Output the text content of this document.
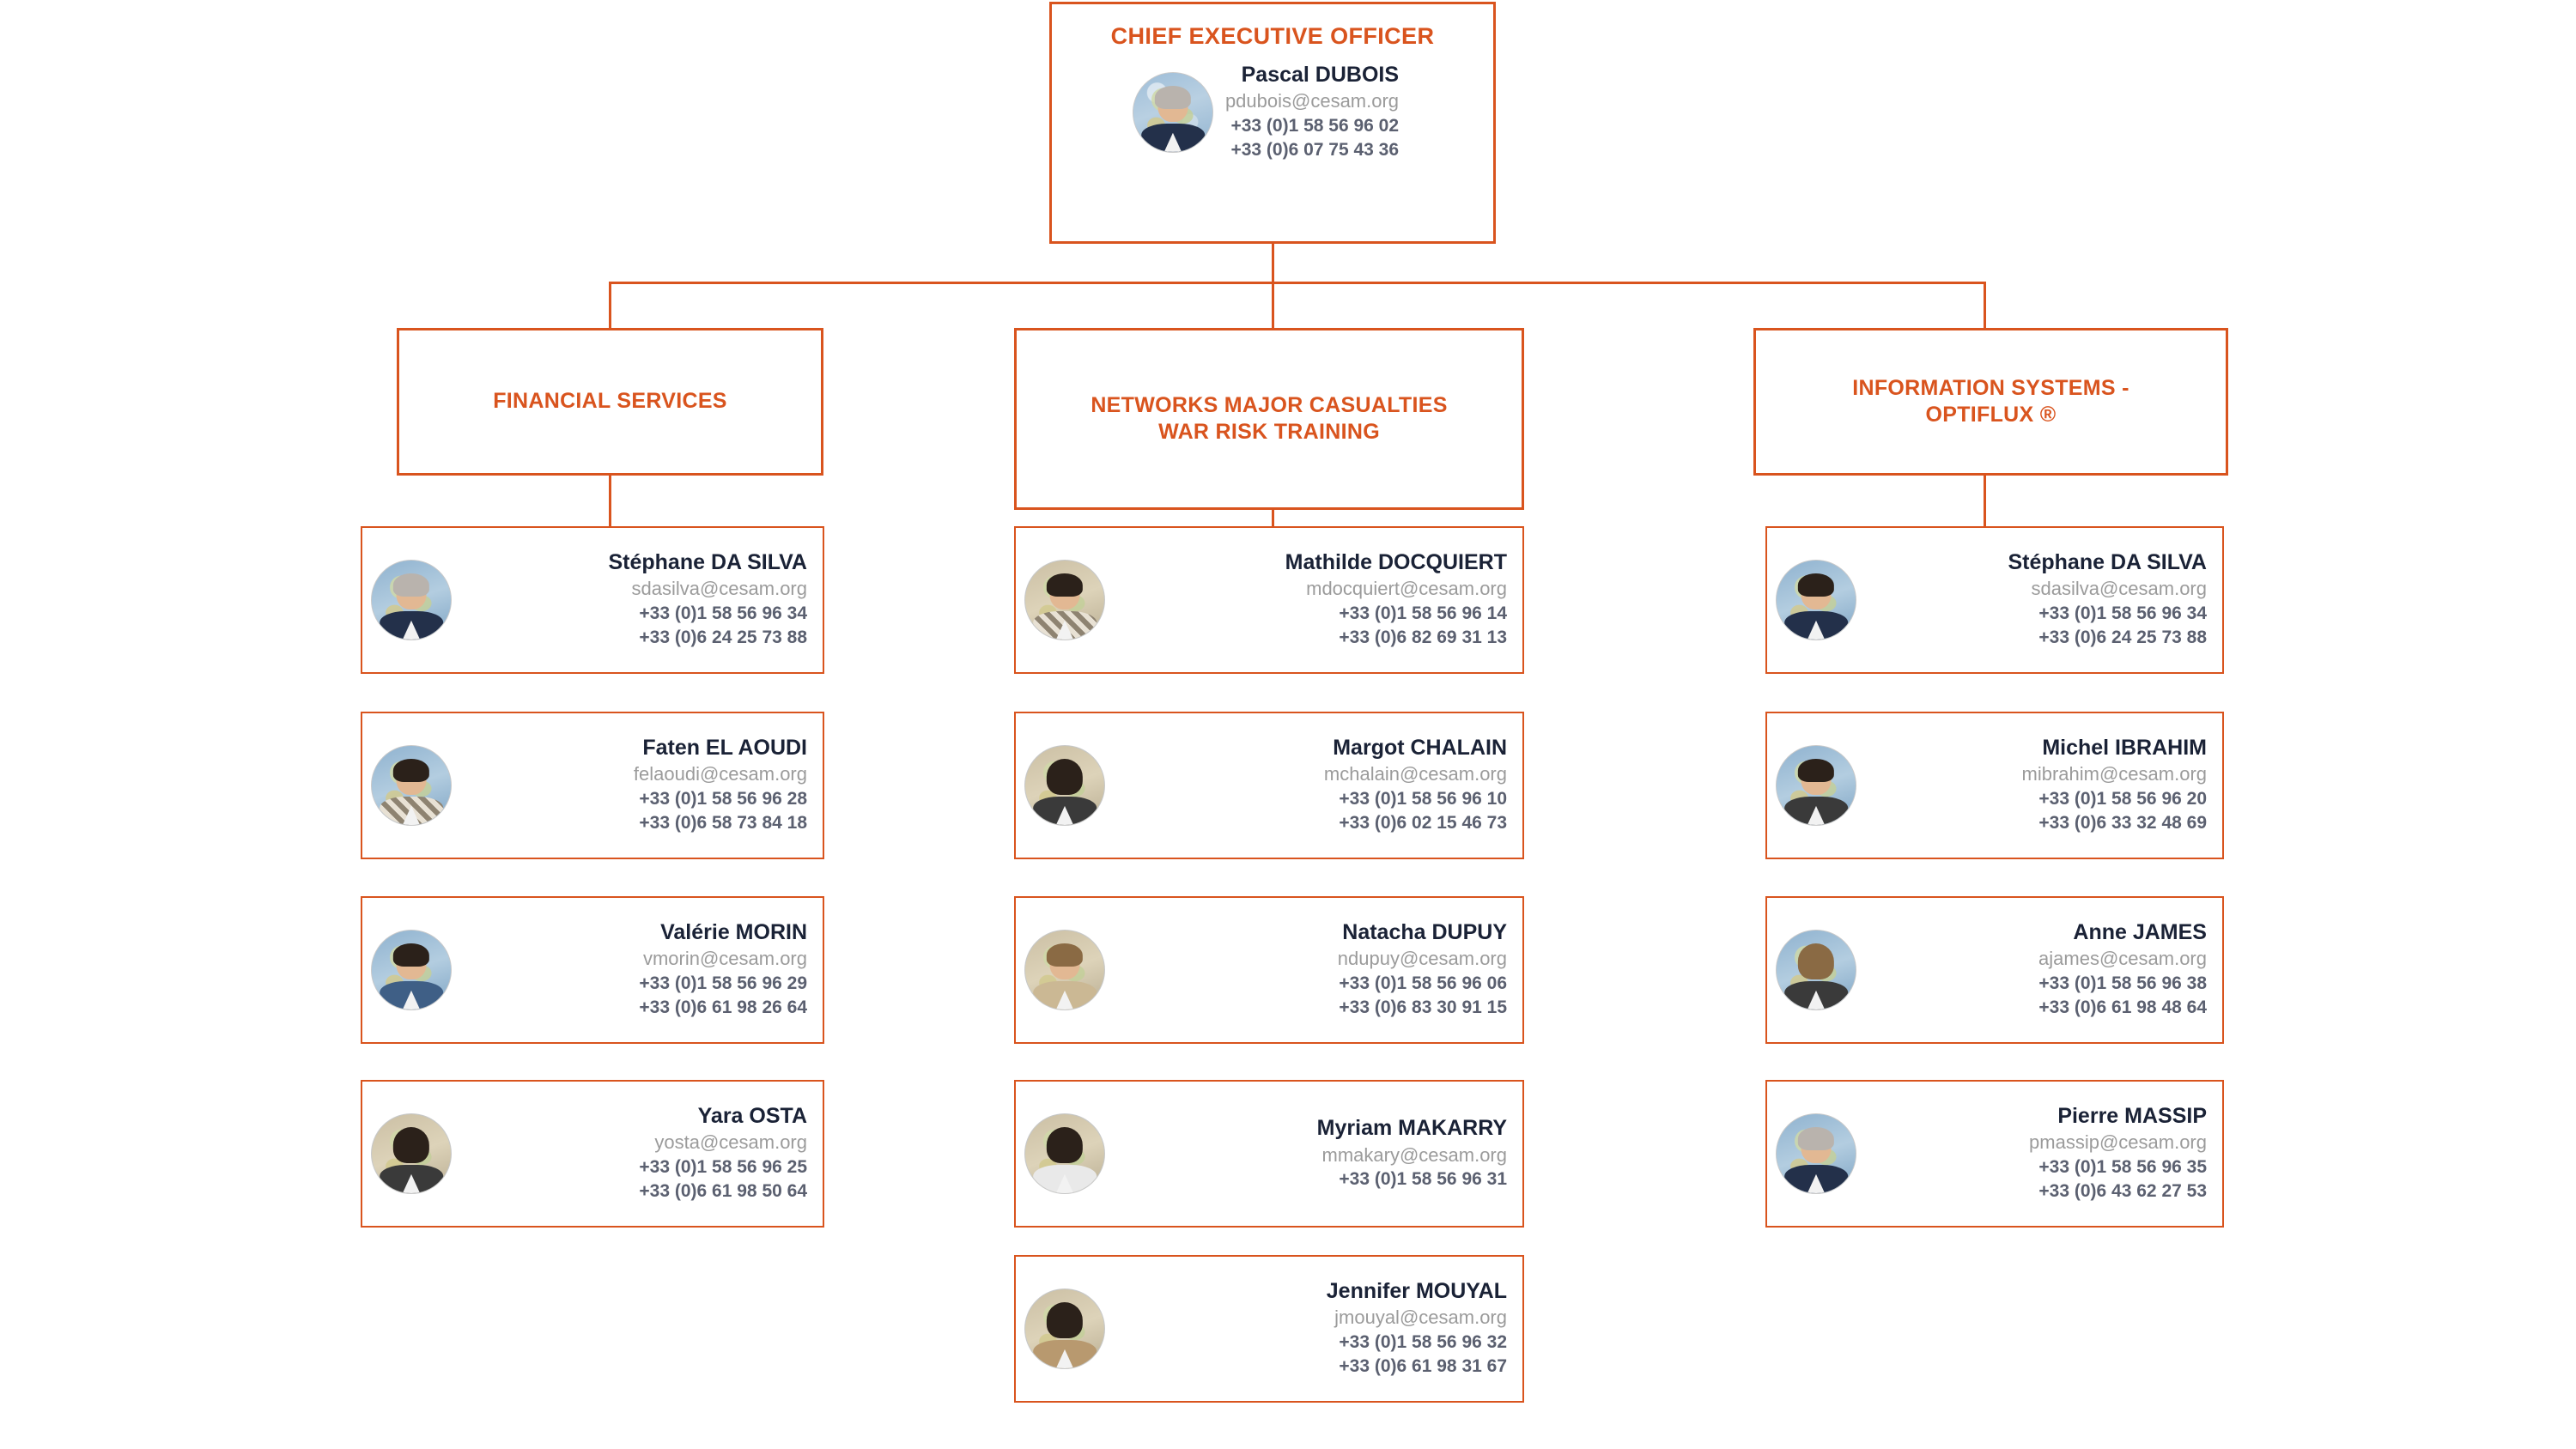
CHIEF EXECUTIVE OFFICER
Pascal DUBOIS
pdubois@cesam.org
+33 (0)1 58 56 96 02
+33 (0)6 07 75 43 36
FINANCIAL SERVICES
Stéphane DA SILVA
sdasilva@cesam.org
+33 (0)1 58 56 96 34
+33 (0)6 24 25 73 88
Faten EL AOUDI
felaoudi@cesam.org
+33 (0)1 58 56 96 28
+33 (0)6 58 73 84 18
Valérie MORIN
vmorin@cesam.org
+33 (0)1 58 56 96 29
+33 (0)6 61 98 26 64
Yara OSTA
yosta@cesam.org
+33 (0)1 58 56 96 25
+33 (0)6 61 98 50 64
NETWORKS MAJOR CASUALTIES
WAR RISK TRAINING
Mathilde DOCQUIERT
mdocquiert@cesam.org
+33 (0)1 58 56 96 14
+33 (0)6 82 69 31 13
Margot CHALAIN
mchalain@cesam.org
+33 (0)1 58 56 96 10
+33 (0)6 02 15 46 73
Natacha DUPUY
ndupuy@cesam.org
+33 (0)1 58 56 96 06
+33 (0)6 83 30 91 15
Myriam MAKARRY
mmakary@cesam.org
+33 (0)1 58 56 96 31
Jennifer MOUYAL
jmouyal@cesam.org
+33 (0)1 58 56 96 32
+33 (0)6 61 98 31 67
INFORMATION SYSTEMS -
OPTIFLUX ®
Stéphane DA SILVA
sdasilva@cesam.org
+33 (0)1 58 56 96 34
+33 (0)6 24 25 73 88
Michel IBRAHIM
mibrahim@cesam.org
+33 (0)1 58 56 96 20
+33 (0)6 33 32 48 69
Anne JAMES
ajames@cesam.org
+33 (0)1 58 56 96 38
+33 (0)6 61 98 48 64
Pierre MASSIP
pmassip@cesam.org
+33 (0)1 58 56 96 35
+33 (0)6 43 62 27 53
